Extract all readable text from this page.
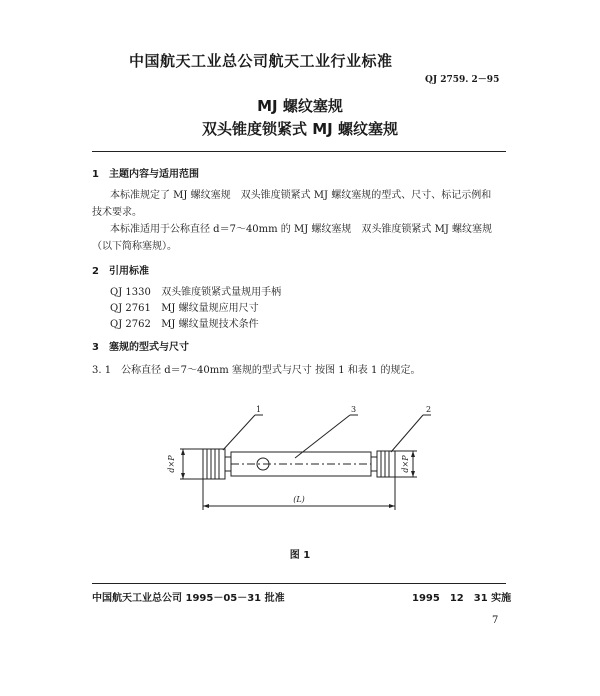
中国航天工业总公司航天工业行业标准
QJ 2759. 2－95
MJ 螺纹塞规
双头锥度锁紧式 MJ 螺纹塞规
1　主题内容与适用范围
本标准规定了 MJ 螺纹塞规　双头锥度锁紧式 MJ 螺纹塞规的型式、尺寸、标记示例和
技术要求。
本标准适用于公称直径 d＝7～40mm 的 MJ 螺纹塞规　双头锥度锁紧式 MJ 螺纹塞规
（以下简称塞规）。
2　引用标准
QJ 1330 双头锥度锁紧式量规用手柄
QJ 2761 MJ 螺纹量规应用尺寸
QJ 2762 MJ 螺纹量规技术条件
3　塞规的型式与尺寸
3. 1　公称直径 d＝7～40mm 塞规的型式与尺寸 按图 1 和表 1 的规定。
1	3	2
d×P	d×P
(L)
图 1
中国航天工业总公司 1995－05－31 批准	1995　12　31 实施
7
